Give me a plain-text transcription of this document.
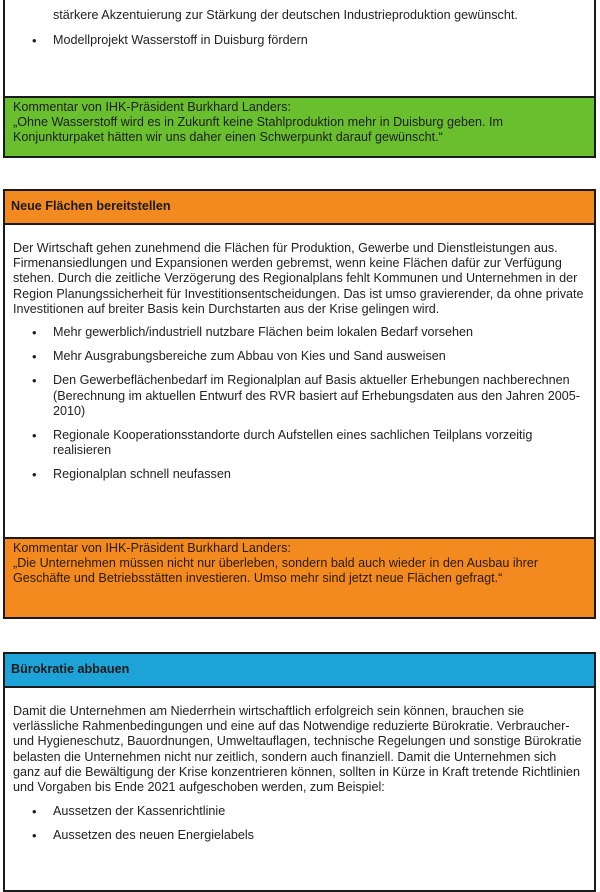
stärkere Akzentuierung zur Stärkung der deutschen Industrieproduktion gewünscht.
• Modellprojekt Wasserstoff in Duisburg fördern

Kommentar von IHK-Präsident Burkhard Landers:

„Ohne Wasserstoff wird es in Zukunft keine Stahlproduktion mehr in Duisburg geben. Im Konjunkturpaket hätten wir uns daher einen Schwerpunkt darauf gewünscht.“

Neue Flächen bereitstellen
Der Wirtschaft gehen zunehmend die Flächen für Produktion, Gewerbe und Dienstleistungen aus. Firmenansiedlungen und Expansionen werden gebremst, wenn keine Flächen dafür zur Verfügung stehen. Durch die zeitliche Verzögerung des Regionalplans fehlt Kommunen und Unternehmen in der Region Planungssicherheit für Investitionsentscheidungen. Das ist umso gravierender, da ohne private Investitionen auf breiter Basis kein Durchstarten aus der Krise gelingen wird.
• Mehr gewerblich/industriell nutzbare Flächen beim lokalen Bedarf vorsehen
• Mehr Ausgrabungsbereiche zum Abbau von Kies und Sand ausweisen
• Den Gewerbeflächenbedarf im Regionalplan auf Basis aktueller Erhebungen nachberechnen (Berechnung im aktuellen Entwurf des RVR basiert auf Erhebungsdaten aus den Jahren 2005-2010)
• Regionale Kooperationsstandorte durch Aufstellen eines sachlichen Teilplans vorzeitig realisieren
• Regionalplan schnell neufassen

Kommentar von IHK-Präsident Burkhard Landers:

„Die Unternehmen müssen nicht nur überleben, sondern bald auch wieder in den Ausbau ihrer Geschäfte und Betriebsstätten investieren. Umso mehr sind jetzt neue Flächen gefragt.“

Bürokratie abbauen
Damit die Unternehmen am Niederrhein wirtschaftlich erfolgreich sein können, brauchen sie verlässliche Rahmenbedingungen und eine auf das Notwendige reduzierte Bürokratie. Verbraucher- und Hygieneschutz, Bauordnungen, Umweltauflagen, technische Regelungen und sonstige Bürokratie belasten die Unternehmen nicht nur zeitlich, sondern auch finanziell. Damit die Unternehmen sich ganz auf die Bewältigung der Krise konzentrieren können, sollten in Kürze in Kraft tretende Richtlinien und Vorgaben bis Ende 2021 aufgeschoben werden, zum Beispiel:
• Aussetzen der Kassenrichtlinie
• Aussetzen des neuen Energielabels
